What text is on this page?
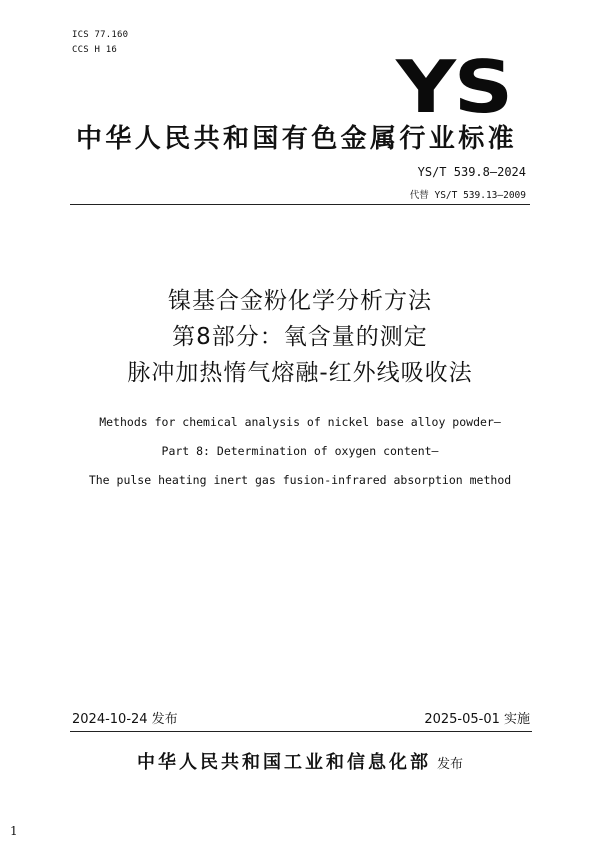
ICS 77.160
CCS H 16	YS
中华人民共和国有色金属行业标准
YS/T 539.8—2024
代替 YS/T 539.13—2009
镍基合金粉化学分析方法
第8部分：氧含量的测定
脉冲加热惰气熔融-红外线吸收法
Methods for chemical analysis of nickel base alloy powder—
Part 8: Determination of oxygen content—
The pulse heating inert gas fusion-infrared absorption method
2024-10-24 发布	2025-05-01 实施
中华人民共和国工业和信息化部 发布
1
